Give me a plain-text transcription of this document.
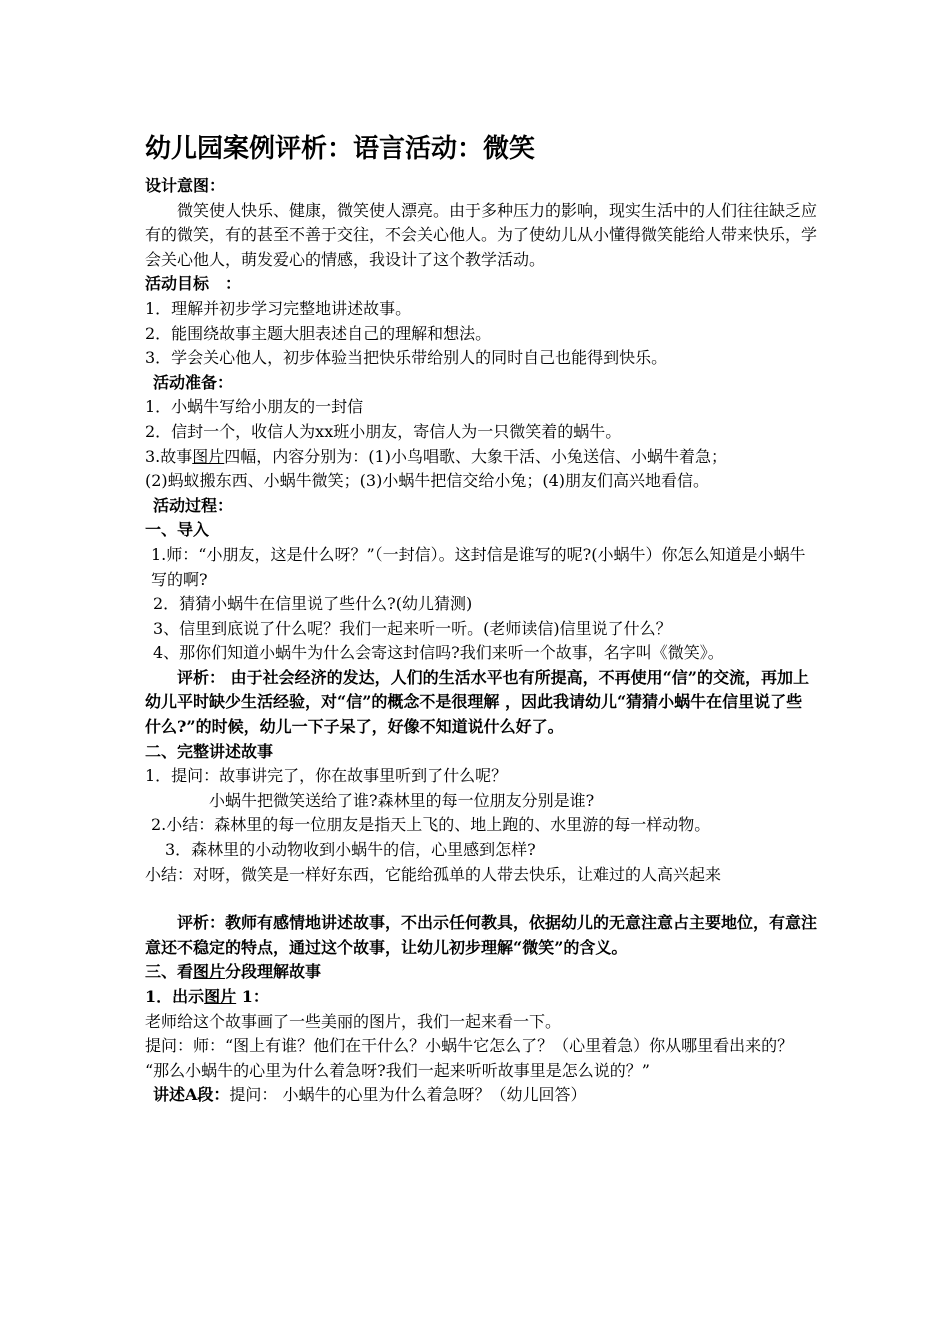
幼儿园案例评析：语言活动：微笑

设计意图：

微笑使人快乐、健康，微笑使人漂亮。由于多种压力的影响，现实生活中的人们往往缺乏应有的微笑，有的甚至不善于交往，不会关心他人。为了使幼儿从小懂得微笑能给人带来快乐，学会关心他人，萌发爱心的情感，我设计了这个教学活动。

活动目标　：

1．理解并初步学习完整地讲述故事。

2．能围绕故事主题大胆表述自己的理解和想法。

3．学会关心他人，初步体验当把快乐带给别人的同时自己也能得到快乐。

活动准备：

1．小蜗牛写给小朋友的一封信

2．信封一个，收信人为xx班小朋友，寄信人为一只微笑着的蜗牛。

3.故事图片四幅，内容分别为：(1)小鸟唱歌、大象干活、小兔送信、小蜗牛着急；

(2)蚂蚁搬东西、小蜗牛微笑；(3)小蜗牛把信交给小兔；(4)朋友们高兴地看信。

活动过程：

一、导入

1.师：“小朋友，这是什么呀？”（一封信）。这封信是谁写的呢?(小蜗牛）你怎么知道是小蜗牛写的啊?

2．猜猜小蜗牛在信里说了些什么?(幼儿猜测)

3、信里到底说了什么呢？我们一起来听一听。(老师读信)信里说了什么？

4、那你们知道小蜗牛为什么会寄这封信吗?我们来听一个故事，名字叫《微笑》。

评析： 由于社会经济的发达，人们的生活水平也有所提高，不再使用“信”的交流，再加上幼儿平时缺少生活经验，对“信”的概念不是很理解 ，因此我请幼儿“猜猜小蜗牛在信里说了些什么?”的时候，幼儿一下子呆了，好像不知道说什么好了。

二、完整讲述故事

1．提问：故事讲完了，你在故事里听到了什么呢？

小蜗牛把微笑送给了谁?森林里的每一位朋友分别是谁?

2.小结：森林里的每一位朋友是指天上飞的、地上跑的、水里游的每一样动物。

3．森林里的小动物收到小蜗牛的信，心里感到怎样?

小结：对呀，微笑是一样好东西，它能给孤单的人带去快乐，让难过的人高兴起来

评析：教师有感情地讲述故事，不出示任何教具，依据幼儿的无意注意占主要地位，有意注意还不稳定的特点，通过这个故事，让幼儿初步理解“微笑”的含义。

三、看图片分段理解故事

1．出示图片 1：

老师给这个故事画了一些美丽的图片，我们一起来看一下。

提问：师：“图上有谁？他们在干什么？小蜗牛它怎么了？（心里着急）你从哪里看出来的？ “那么小蜗牛的心里为什么着急呀?我们一起来听听故事里是怎么说的？”

讲述A段：提问： 小蜗牛的心里为什么着急呀？（幼儿回答）
